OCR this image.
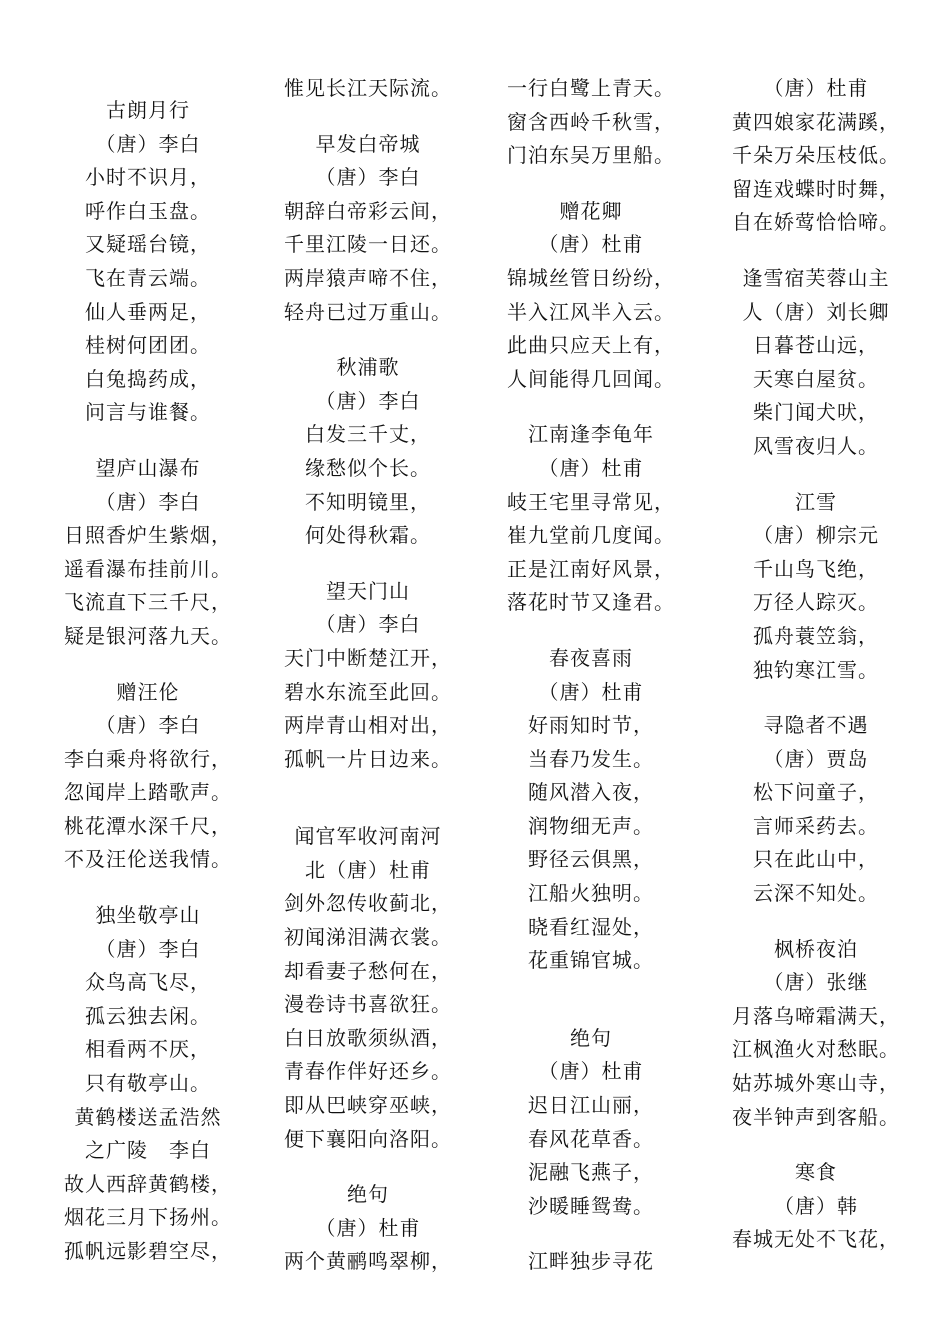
古朗月行
（唐）李白
小时不识月，
呼作白玉盘。
又疑瑶台镜，
飞在青云端。
仙人垂两足，
桂树何团团。
白兔捣药成，
问言与谁餐。
望庐山瀑布
（唐）李白
日照香炉生紫烟，
遥看瀑布挂前川。
飞流直下三千尺，
疑是银河落九天。
赠汪伦
（唐）李白
李白乘舟将欲行，
忽闻岸上踏歌声。
桃花潭水深千尺，
不及汪伦送我情。
独坐敬亭山
（唐）李白
众鸟高飞尽，
孤云独去闲。
相看两不厌，
只有敬亭山。
黄鹤楼送孟浩然
之广陵　李白
故人西辞黄鹤楼，
烟花三月下扬州。
孤帆远影碧空尽，
惟见长江天际流。
早发白帝城
（唐）李白
朝辞白帝彩云间，
千里江陵一日还。
两岸猿声啼不住，
轻舟已过万重山。
秋浦歌
（唐）李白
白发三千丈，
缘愁似个长。
不知明镜里，
何处得秋霜。
望天门山
（唐）李白
天门中断楚江开，
碧水东流至此回。
两岸青山相对出，
孤帆一片日边来。
闻官军收河南河
北（唐）杜甫
剑外忽传收蓟北，
初闻涕泪满衣裳。
却看妻子愁何在，
漫卷诗书喜欲狂。
白日放歌须纵酒，
青春作伴好还乡。
即从巴峡穿巫峡，
便下襄阳向洛阳。
绝句
（唐）杜甫
两个黄鹂鸣翠柳，
一行白鹭上青天。
窗含西岭千秋雪，
门泊东吴万里船。
赠花卿
（唐）杜甫
锦城丝管日纷纷，
半入江风半入云。
此曲只应天上有，
人间能得几回闻。
江南逢李龟年
（唐）杜甫
岐王宅里寻常见，
崔九堂前几度闻。
正是江南好风景，
落花时节又逢君。
春夜喜雨
（唐）杜甫
好雨知时节，
当春乃发生。
随风潜入夜，
润物细无声。
野径云俱黑，
江船火独明。
晓看红湿处，
花重锦官城。
绝句
（唐）杜甫
迟日江山丽，
春风花草香。
泥融飞燕子，
沙暖睡鸳鸯。
江畔独步寻花
（唐）杜甫
黄四娘家花满蹊，
千朵万朵压枝低。
留连戏蝶时时舞，
自在娇莺恰恰啼。
逢雪宿芙蓉山主
人（唐）刘长卿
日暮苍山远，
天寒白屋贫。
柴门闻犬吠，
风雪夜归人。
江雪
（唐）柳宗元
千山鸟飞绝，
万径人踪灭。
孤舟蓑笠翁，
独钓寒江雪。
寻隐者不遇
（唐）贾岛
松下问童子，
言师采药去。
只在此山中，
云深不知处。
枫桥夜泊
（唐）张继
月落乌啼霜满天，
江枫渔火对愁眠。
姑苏城外寒山寺，
夜半钟声到客船。
寒食
（唐）韩
春城无处不飞花，
